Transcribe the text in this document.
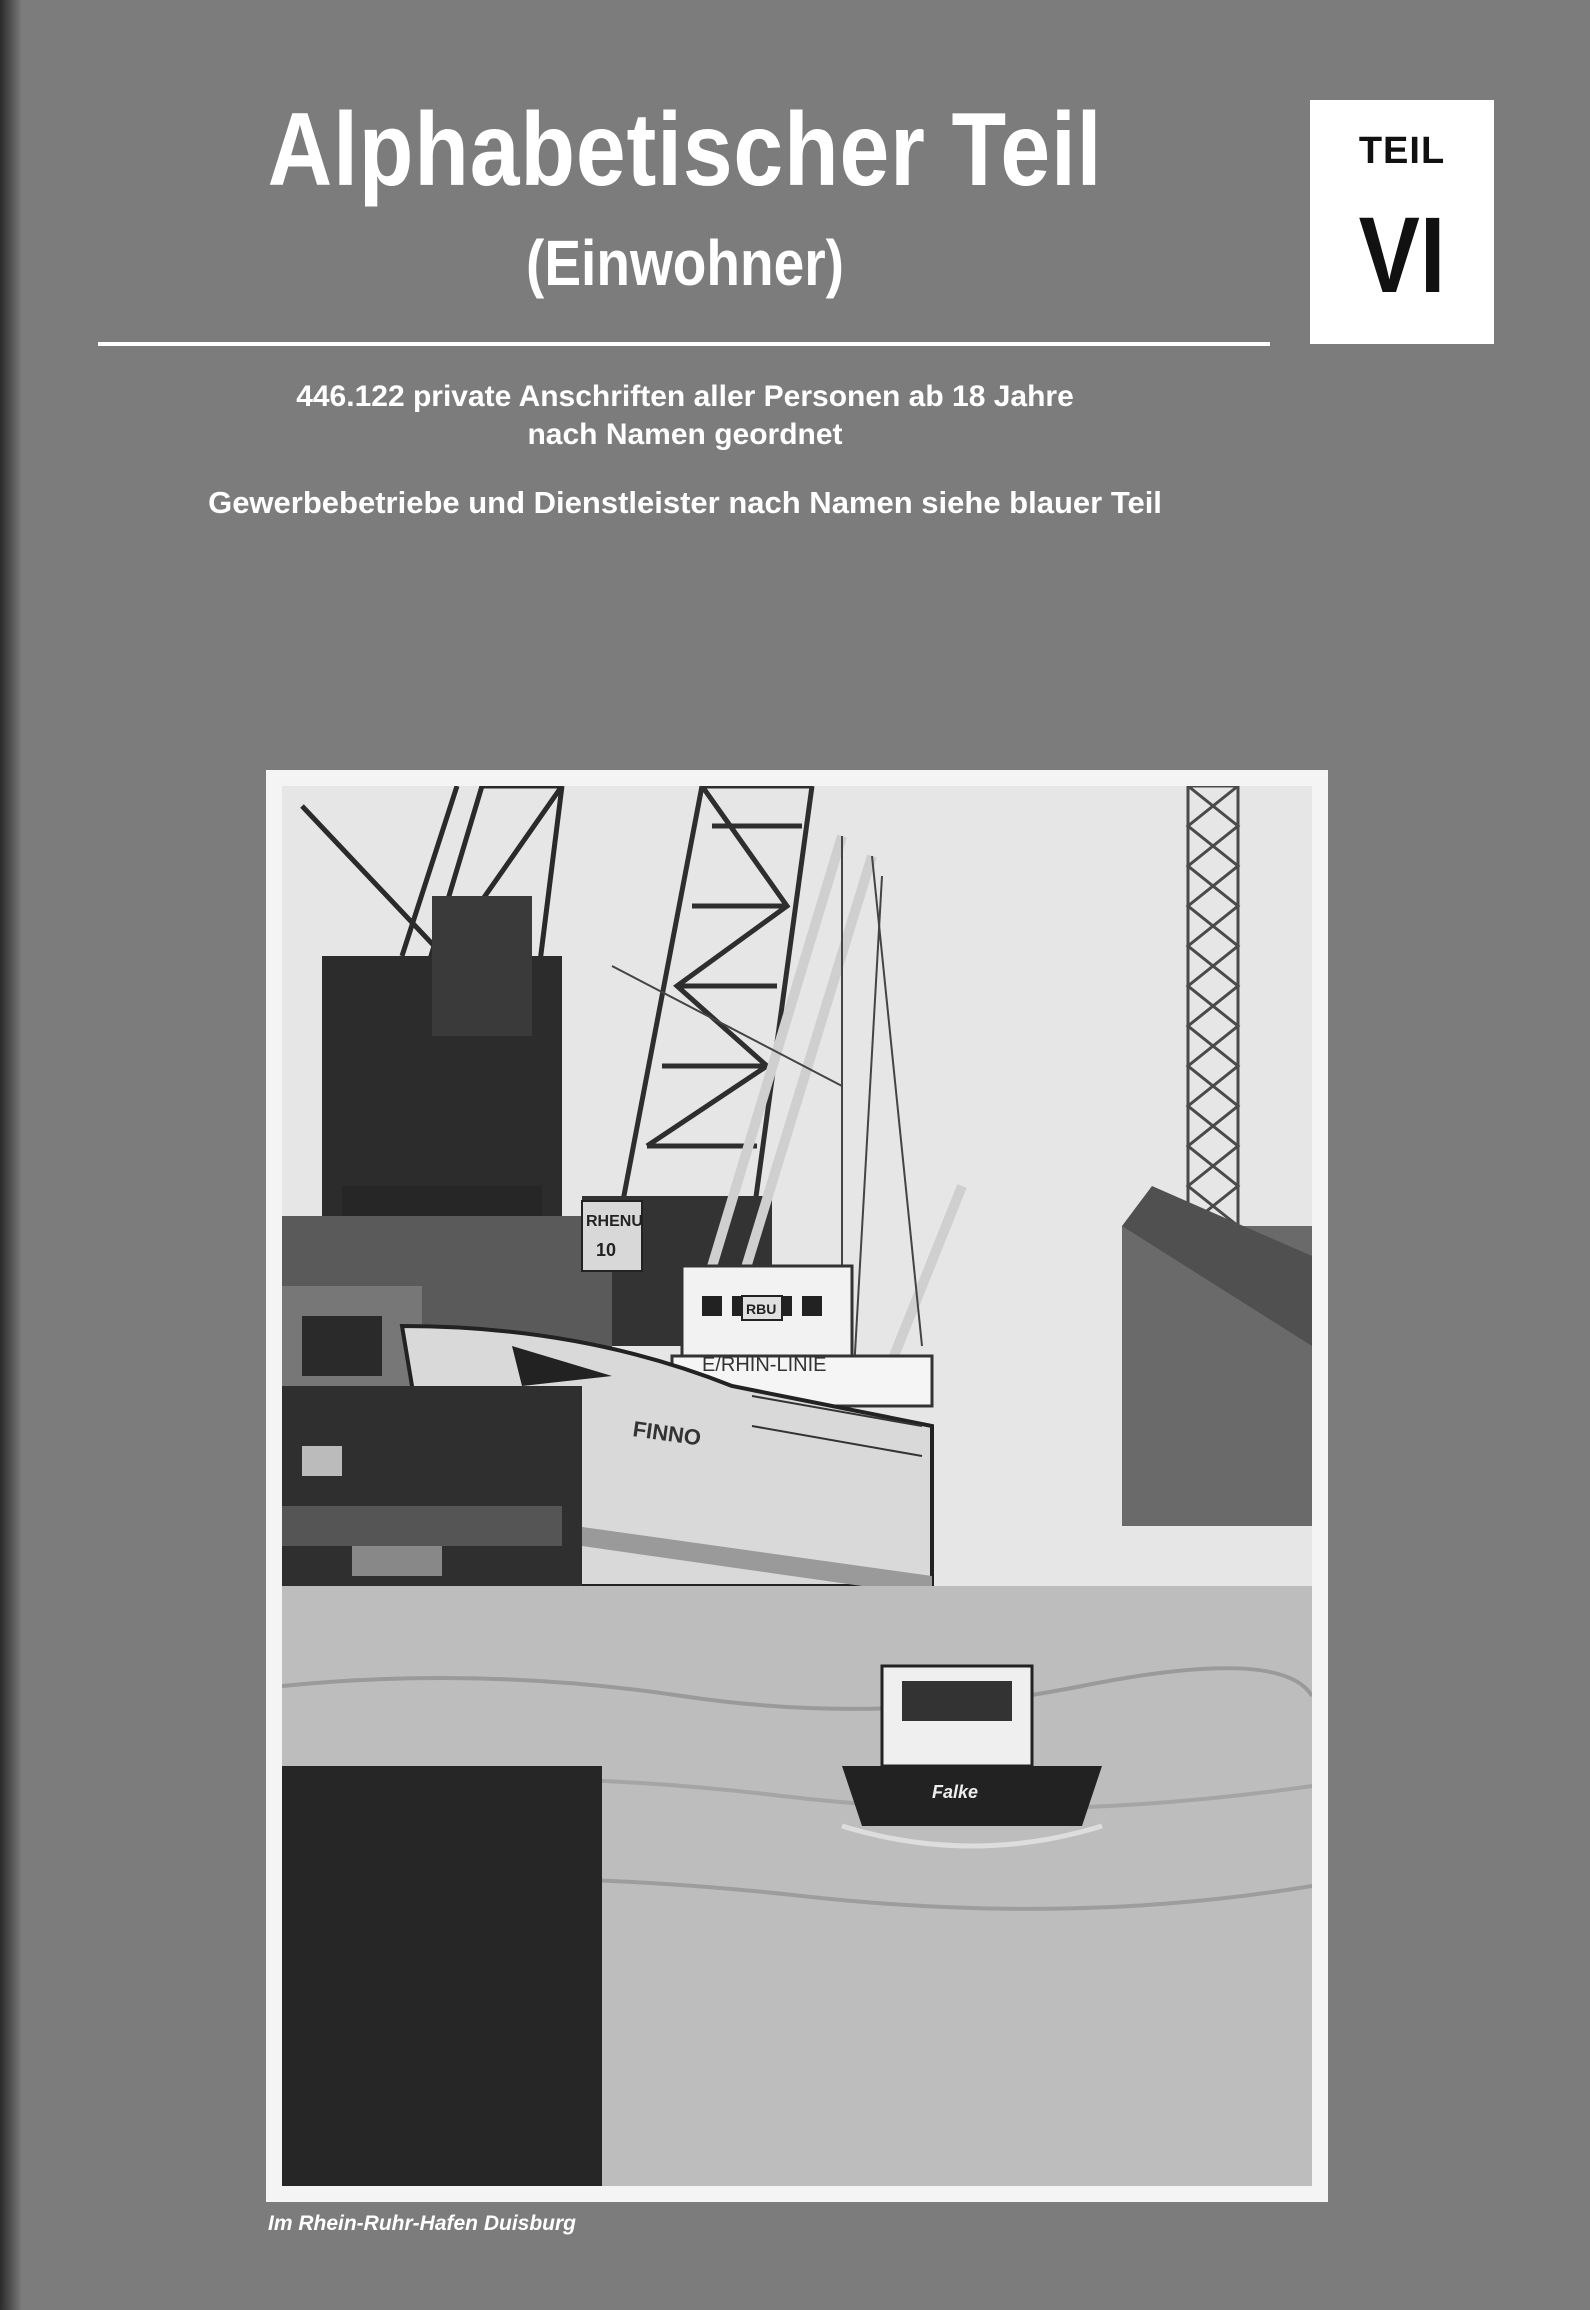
Alphabetischer Teil
(Einwohner)
TEIL
VI

446.122 private Anschriften aller Personen ab 18 Jahre

nach Namen geordnet

Gewerbebetriebe und Dienstleister nach Namen siehe blauer Teil

FINNO
E/RHIN-LINIE
RHENU
10
RBU
Falke
Im Rhein-Ruhr-Hafen Duisburg
